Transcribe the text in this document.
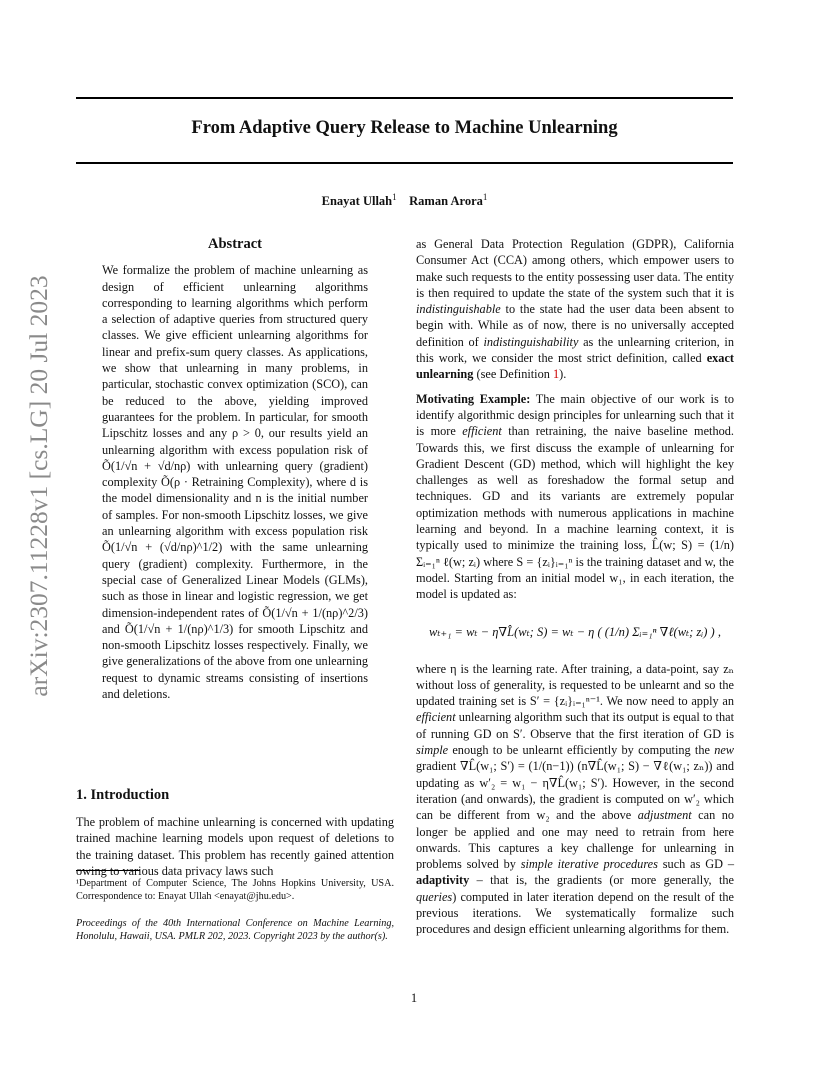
From Adaptive Query Release to Machine Unlearning
Enayat Ullah$^1$ Raman Arora$^1$
arXiv:2307.11228v1 [cs.LG] 20 Jul 2023
Abstract

We formalize the problem of machine unlearning as design of efficient unlearning algorithms corresponding to learning algorithms which perform a selection of adaptive queries from structured query classes. We give efficient unlearning algorithms for linear and prefix-sum query classes. As applications, we show that unlearning in many problems, in particular, stochastic convex optimization (SCO), can be reduced to the above, yielding improved guarantees for the problem. In particular, for smooth Lipschitz losses and any ρ > 0, our results yield an unlearning algorithm with excess population risk of Õ(1/√n + √d/nρ) with unlearning query (gradient) complexity Õ(ρ · Retraining Complexity), where d is the model dimensionality and n is the initial number of samples. For non-smooth Lipschitz losses, we give an unlearning algorithm with excess population risk Õ(1/√n + (√d/nρ)^1/2) with the same unlearning query (gradient) complexity. Furthermore, in the special case of Generalized Linear Models (GLMs), such as those in linear and logistic regression, we get dimension-independent rates of Õ(1/√n + 1/(nρ)^2/3) and Õ(1/√n + 1/(nρ)^1/3) for smooth Lipschitz and non-smooth Lipschitz losses respectively. Finally, we give generalizations of the above from one unlearning request to dynamic streams consisting of insertions and deletions.

1. Introduction

The problem of machine unlearning is concerned with updating trained machine learning models upon request of deletions to the training dataset. This problem has recently gained attention owing to various data privacy laws such

¹Department of Computer Science, The Johns Hopkins University, USA. Correspondence to: Enayat Ullah <enayat@jhu.edu>.

Proceedings of the 40th International Conference on Machine Learning, Honolulu, Hawaii, USA. PMLR 202, 2023. Copyright 2023 by the author(s).

as General Data Protection Regulation (GDPR), California Consumer Act (CCA) among others, which empower users to make such requests to the entity possessing user data. The entity is then required to update the state of the system such that it is indistinguishable to the state had the user data been absent to begin with. While as of now, there is no universally accepted definition of indistinguishability as the unlearning criterion, in this work, we consider the most strict definition, called exact unlearning (see Definition 1).

Motivating Example: The main objective of our work is to identify algorithmic design principles for unlearning such that it is more efficient than retraining, the naive baseline method. Towards this, we first discuss the example of unlearning for Gradient Descent (GD) method, which will highlight the key challenges as well as foreshadow the formal setup and techniques. GD and its variants are extremely popular optimization methods with numerous applications in machine learning and beyond. In a machine learning context, it is typically used to minimize the training loss, L̂(w; S) = (1/n) Σᵢ₌₁ⁿ ℓ(w; zᵢ) where S = {zᵢ}ᵢ₌₁ⁿ is the training dataset and w, the model. Starting from an initial model w₁, in each iteration, the model is updated as:

wₜ₊₁ = wₜ − η∇L̂(wₜ; S) = wₜ − η ( (1/n) Σᵢ₌₁ⁿ ∇ℓ(wₜ; zᵢ) ) ,

where η is the learning rate. After training, a data-point, say zₙ without loss of generality, is requested to be unlearnt and so the updated training set is S′ = {zᵢ}ᵢ₌₁ⁿ⁻¹. We now need to apply an efficient unlearning algorithm such that its output is equal to that of running GD on S′. Observe that the first iteration of GD is simple enough to be unlearnt efficiently by computing the new gradient ∇L̂(w₁; S′) = (1/(n−1)) (n∇L̂(w₁; S) − ∇ℓ(w₁; zₙ)) and updating as w′₂ = w₁ − η∇L̂(w₁; S′). However, in the second iteration (and onwards), the gradient is computed on w′₂ which can be different from w₂ and the above adjustment can no longer be applied and one may need to retrain from here onwards. This captures a key challenge for unlearning in problems solved by simple iterative procedures such as GD – adaptivity – that is, the gradients (or more generally, the queries) computed in later iteration depend on the result of the previous iterations. We systematically formalize such procedures and design efficient unlearning algorithms for them.

1
